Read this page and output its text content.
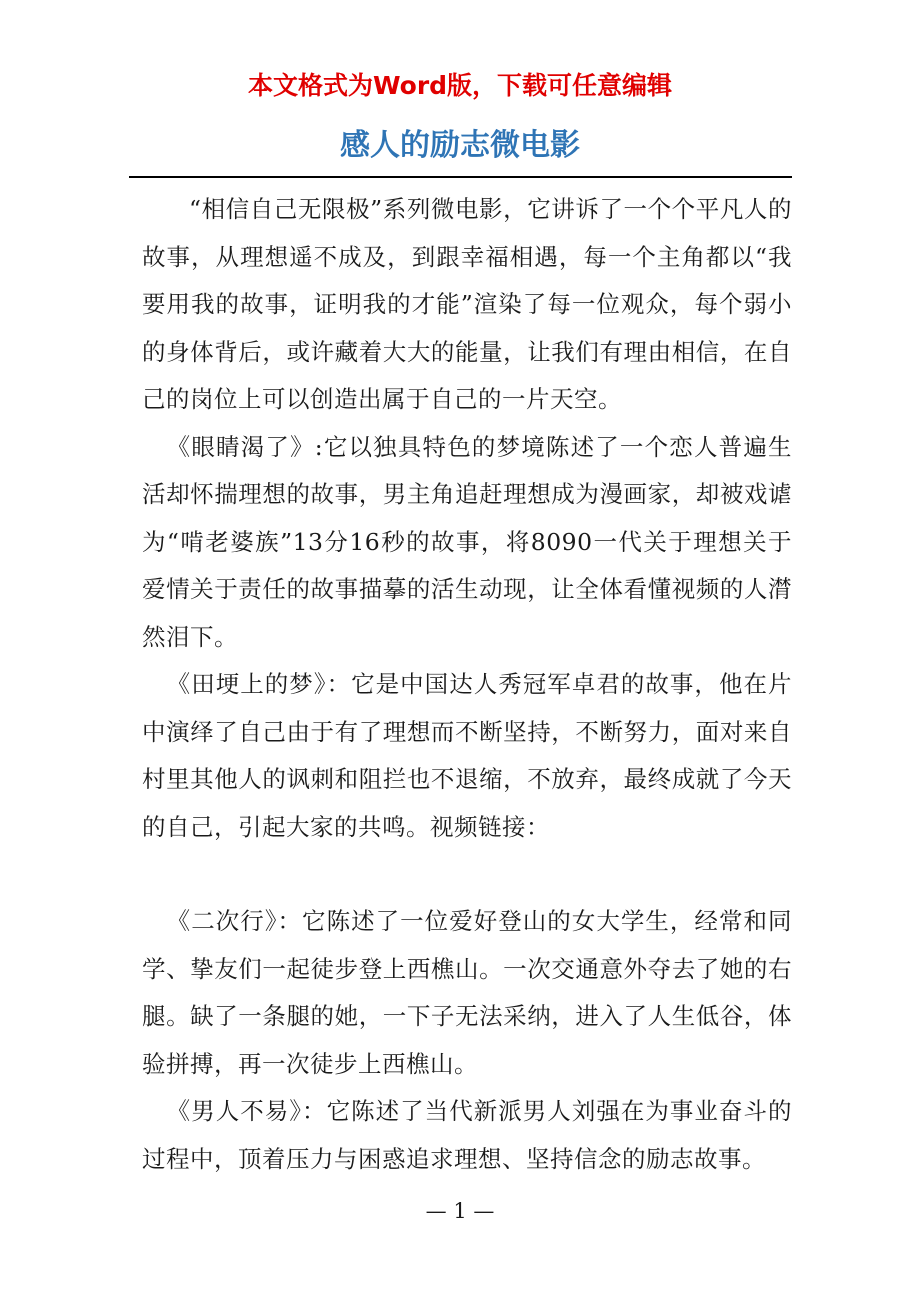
本文格式为Word版，下载可任意编辑
感人的励志微电影

“相信自己无限极”系列微电影，它讲诉了一个个平凡人的故事，从理想遥不成及，到跟幸福相遇，每一个主角都以“我要用我的故事，证明我的才能”渲染了每一位观众，每个弱小的身体背后，或许藏着大大的能量，让我们有理由相信，在自己的岗位上可以创造出属于自己的一片天空。

《眼睛渴了》:它以独具特色的梦境陈述了一个恋人普遍生活却怀揣理想的故事，男主角追赶理想成为漫画家，却被戏谑为“啃老婆族”13分16秒的故事，将8090一代关于理想关于爱情关于责任的故事描摹的活生动现，让全体看懂视频的人潸然泪下。

《田埂上的梦》：它是中国达人秀冠军卓君的故事，他在片中演绎了自己由于有了理想而不断坚持，不断努力，面对来自村里其他人的讽刺和阻拦也不退缩，不放弃，最终成就了今天的自己，引起大家的共鸣。视频链接：

《二次行》：它陈述了一位爱好登山的女大学生，经常和同学、挚友们一起徒步登上西樵山。一次交通意外夺去了她的右腿。缺了一条腿的她，一下子无法采纳，进入了人生低谷，体验拼搏，再一次徒步上西樵山。

《男人不易》：它陈述了当代新派男人刘强在为事业奋斗的过程中，顶着压力与困惑追求理想、坚持信念的励志故事。

— 1 —
